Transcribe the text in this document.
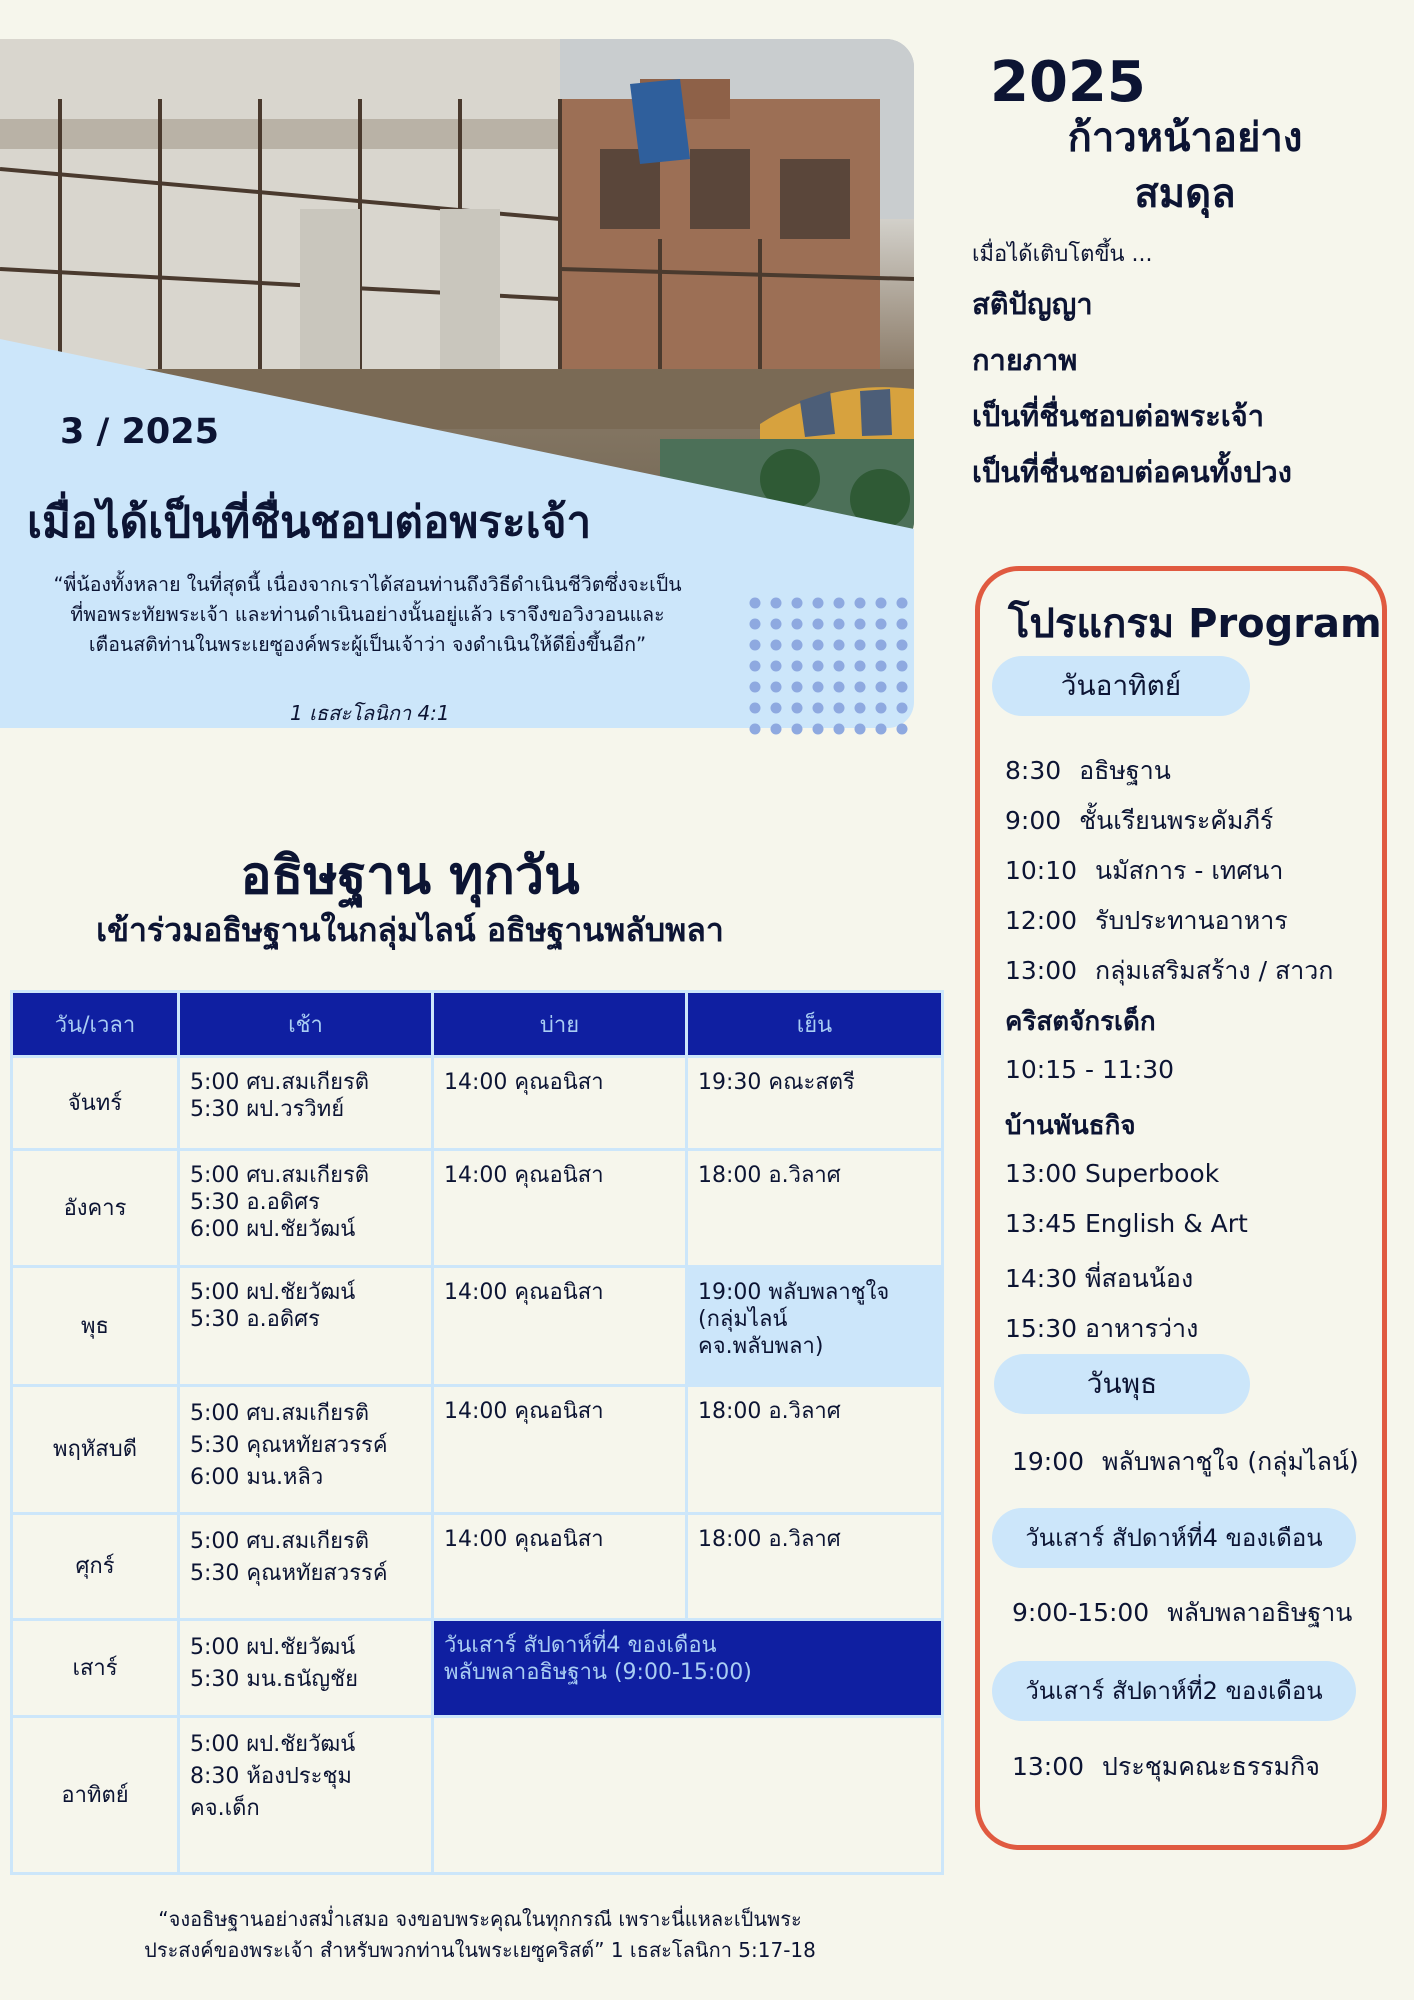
3 / 2025
เมื่อได้เป็นที่ชื่นชอบต่อพระเจ้า
“พี่น้องทั้งหลาย ในที่สุดนี้ เนื่องจากเราได้สอนท่านถึงวิธีดำเนินชีวิตซึ่งจะเป็น
ที่พอพระทัยพระเจ้า และท่านดำเนินอย่างนั้นอยู่แล้ว เราจึงขอวิงวอนและ
เตือนสติท่านในพระเยซูองค์พระผู้เป็นเจ้าว่า จงดำเนินให้ดียิ่งขึ้นอีก”
1 เธสะโลนิกา 4:1
2025
ก้าวหน้าอย่าง
สมดุล
เมื่อได้เติบโตขึ้น ...
สติปัญญา
กายภาพ
เป็นที่ชื่นชอบต่อพระเจ้า
เป็นที่ชื่นชอบต่อคนทั้งปวง
โปรแกรม Program
วันอาทิตย์
8:30 อธิษฐาน
9:00 ชั้นเรียนพระคัมภีร์
10:10 นมัสการ - เทศนา
12:00 รับประทานอาหาร
13:00 กลุ่มเสริมสร้าง / สาวก
คริสตจักรเด็ก
10:15 - 11:30
บ้านพันธกิจ
13:00 Superbook
13:45 English & Art
14:30 พี่สอนน้อง
15:30 อาหารว่าง
วันพุธ
19:00 พลับพลาชูใจ (กลุ่มไลน์)
วันเสาร์ สัปดาห์ที่4 ของเดือน
9:00-15:00 พลับพลาอธิษฐาน
วันเสาร์ สัปดาห์ที่2 ของเดือน
13:00 ประชุมคณะธรรมกิจ
อธิษฐาน ทุกวัน
เข้าร่วมอธิษฐานในกลุ่มไลน์ อธิษฐานพลับพลา
วัน/เวลา	เช้า	บ่าย	เย็น
จันทร์	5:00 ศบ.สมเกียรติ
5:30 ผป.วรวิทย์	14:00 คุณอนิสา	19:30 คณะสตรี

อังคาร	5:00 ศบ.สมเกียรติ
5:30 อ.อดิศร
6:00 ผป.ชัยวัฒน์	14:00 คุณอนิสา	18:00 อ.วิลาศ

พุธ	5:00 ผป.ชัยวัฒน์
5:30 อ.อดิศร	14:00 คุณอนิสา	19:00 พลับพลาชูใจ
(กลุ่มไลน์
คจ.พลับพลา)

พฤหัสบดี	5:00 ศบ.สมเกียรติ
5:30 คุณหทัยสวรรค์
6:00 มน.หลิว	14:00 คุณอนิสา	18:00 อ.วิลาศ

ศุกร์	5:00 ศบ.สมเกียรติ
5:30 คุณหทัยสวรรค์	14:00 คุณอนิสา	18:00 อ.วิลาศ

เสาร์	5:00 ผป.ชัยวัฒน์
5:30 มน.ธนัญชัย	วันเสาร์ สัปดาห์ที่4 ของเดือน
พลับพลาอธิษฐาน (9:00-15:00)	

อาทิตย์	5:00 ผป.ชัยวัฒน์
8:30 ห้องประชุม
คจ.เด็ก		

“จงอธิษฐานอย่างสม่ำเสมอ จงขอบพระคุณในทุกกรณี เพราะนี่แหละเป็นพระ
ประสงค์ของพระเจ้า สำหรับพวกท่านในพระเยซูคริสต์” 1 เธสะโลนิกา 5:17-18
